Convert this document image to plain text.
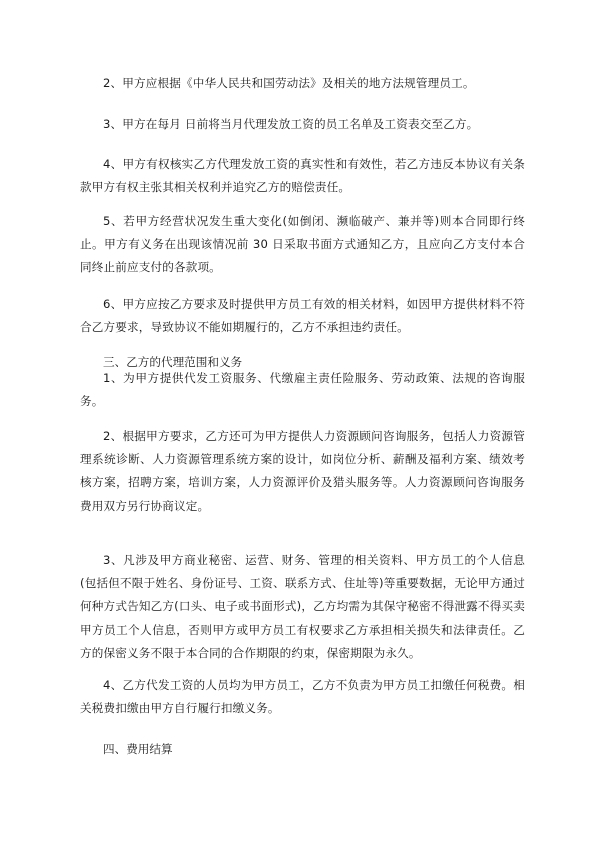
2、甲方应根据《中华人民共和国劳动法》及相关的地方法规管理员工。

3、甲方在每月 日前将当月代理发放工资的员工名单及工资表交至乙方。

4、甲方有权核实乙方代理发放工资的真实性和有效性，若乙方违反本协议有关条款甲方有权主张其相关权利并追究乙方的赔偿责任。

5、若甲方经营状况发生重大变化(如倒闭、濒临破产、兼并等)则本合同即行终止。甲方有义务在出现该情况前 30 日采取书面方式通知乙方，且应向乙方支付本合同终止前应支付的各款项。

6、甲方应按乙方要求及时提供甲方员工有效的相关材料，如因甲方提供材料不符合乙方要求，导致协议不能如期履行的，乙方不承担违约责任。

三、乙方的代理范围和义务

1、为甲方提供代发工资服务、代缴雇主责任险服务、劳动政策、法规的咨询服务。

2、根据甲方要求，乙方还可为甲方提供人力资源顾问咨询服务，包括人力资源管理系统诊断、人力资源管理系统方案的设计，如岗位分析、薪酬及福利方案、绩效考核方案，招聘方案，培训方案，人力资源评价及猎头服务等。人力资源顾问咨询服务费用双方另行协商议定。

3、凡涉及甲方商业秘密、运营、财务、管理的相关资料、甲方员工的个人信息(包括但不限于姓名、身份证号、工资、联系方式、住址等)等重要数据，无论甲方通过何种方式告知乙方(口头、电子或书面形式)，乙方均需为其保守秘密不得泄露不得买卖甲方员工个人信息，否则甲方或甲方员工有权要求乙方承担相关损失和法律责任。乙方的保密义务不限于本合同的合作期限的约束，保密期限为永久。

4、乙方代发工资的人员均为甲方员工，乙方不负责为甲方员工扣缴任何税费。相关税费扣缴由甲方自行履行扣缴义务。

四、费用结算
